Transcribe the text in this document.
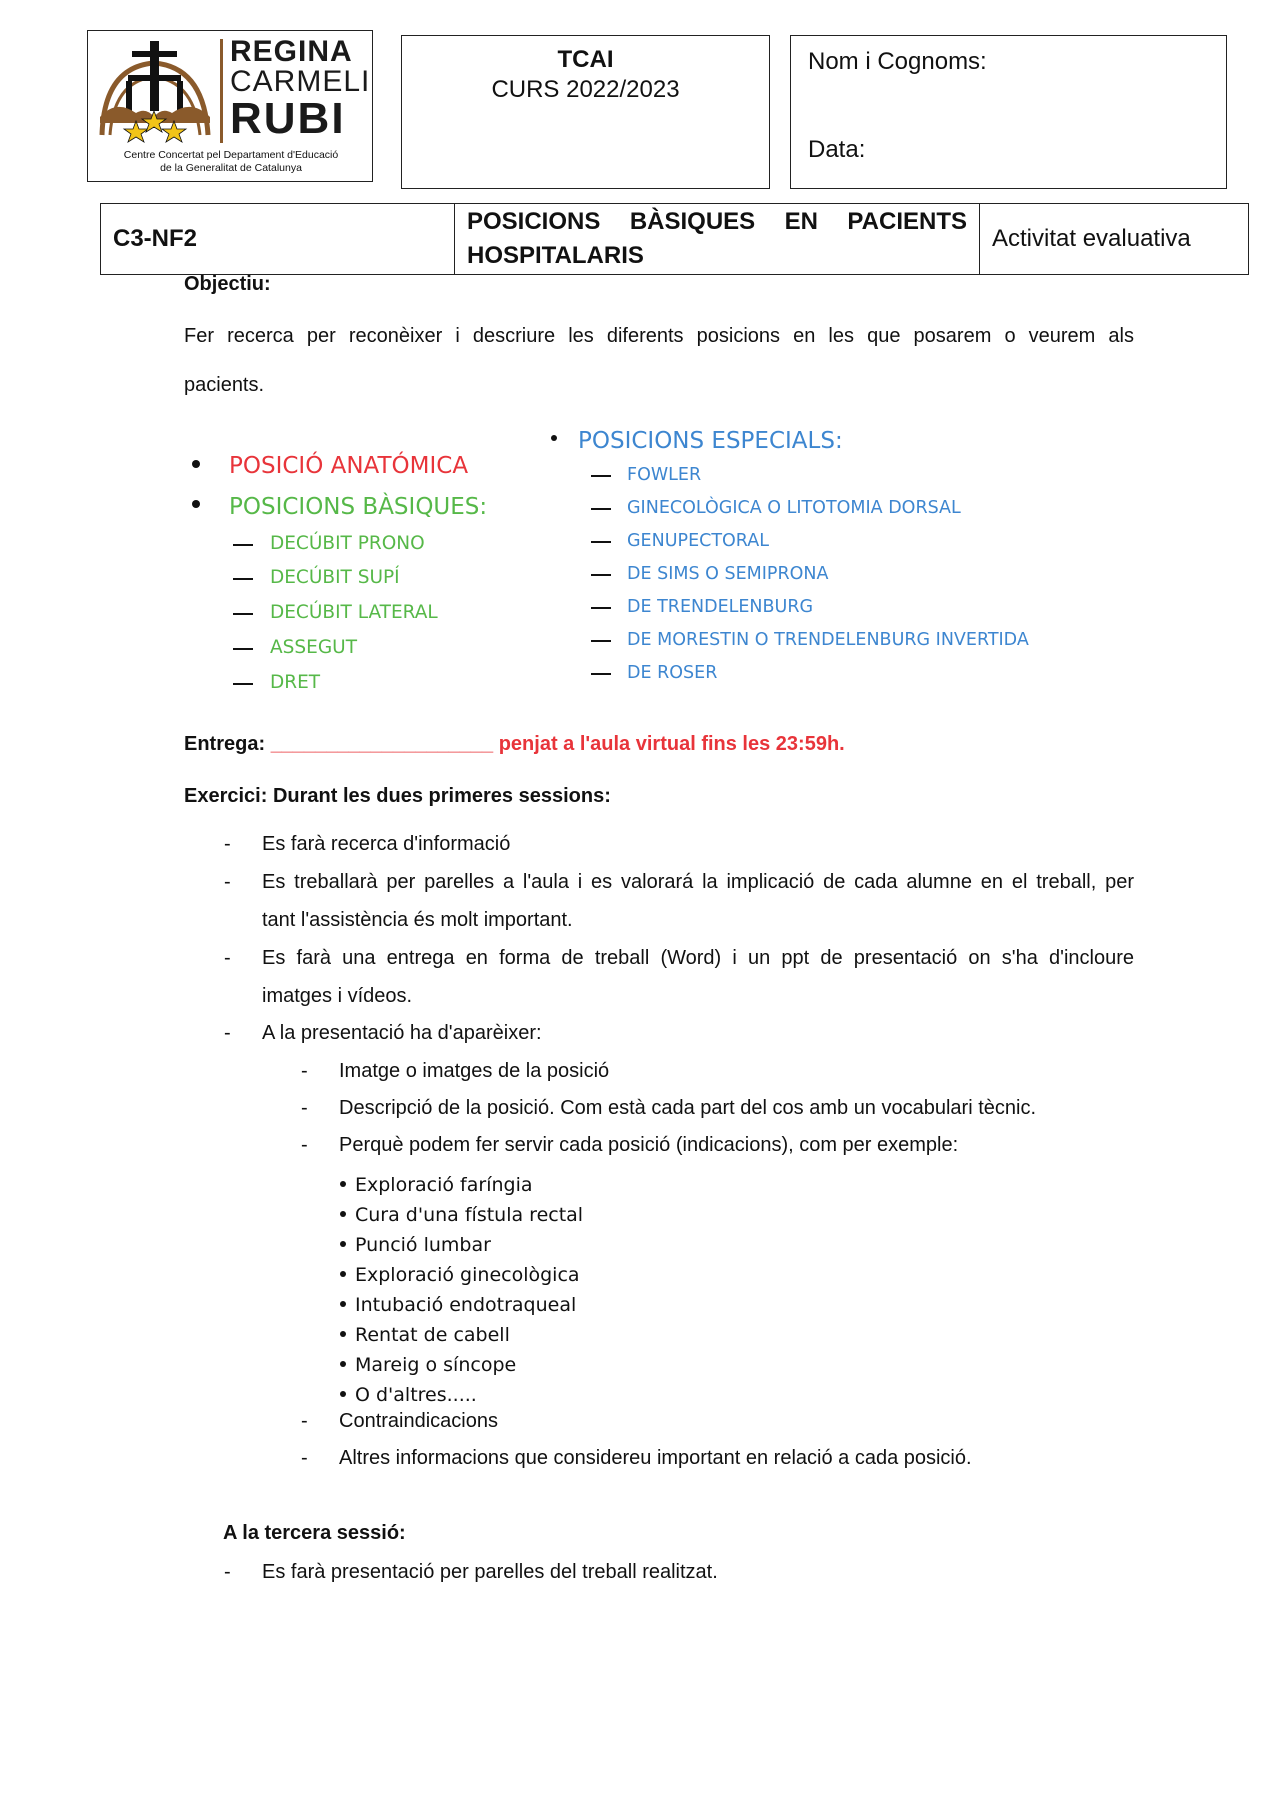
REGINA
CARMELI
RUBI
Centre Concertat pel Departament d'Educació
de la Generalitat de Catalunya
TCAI
CURS 2022/2023
Nom i Cognoms:
Data:
C3-NF2	
POSICIONS BÀSIQUES EN PACIENTS
HOSPITALARIS
	Activitat evaluativa
Objectiu:
Fer recerca per reconèixer i descriure les diferents posicions en les que posarem o veurem als
pacients.
POSICIÓ ANATÓMICA
POSICIONS BÀSIQUES:
DECÚBIT PRONO
DECÚBIT SUPÍ
DECÚBIT LATERAL
ASSEGUT
DRET
POSICIONS ESPECIALS:
FOWLER
GINECOLÒGICA O LITOTOMIA DORSAL
GENUPECTORAL
DE SIMS O SEMIPRONA
DE TRENDELENBURG
DE MORESTIN O TRENDELENBURG INVERTIDA
DE ROSER
Entrega: ____________________ penjat a l'aula virtual fins les 23:59h.
Exercici: Durant les dues primeres sessions:
- Es farà recerca d'informació
- Es treballarà per parelles a l'aula i es valorará la implicació de cada alumne en el treball, per
tant l'assistència és molt important.
- Es farà una entrega en forma de treball (Word) i un ppt de presentació on s'ha d'incloure
imatges i vídeos.
- A la presentació ha d'aparèixer:
- Imatge o imatges de la posició
- Descripció de la posició. Com està cada part del cos amb un vocabulari tècnic.
- Perquè podem fer servir cada posició (indicacions), com per exemple:
Exploració faríngia
Cura d'una fístula rectal
Punció lumbar
Exploració ginecològica
Intubació endotraqueal
Rentat de cabell
Mareig o síncope
O d'altres.....
- Contraindicacions
- Altres informacions que considereu important en relació a cada posició.
A la tercera sessió:
- Es farà presentació per parelles del treball realitzat.
